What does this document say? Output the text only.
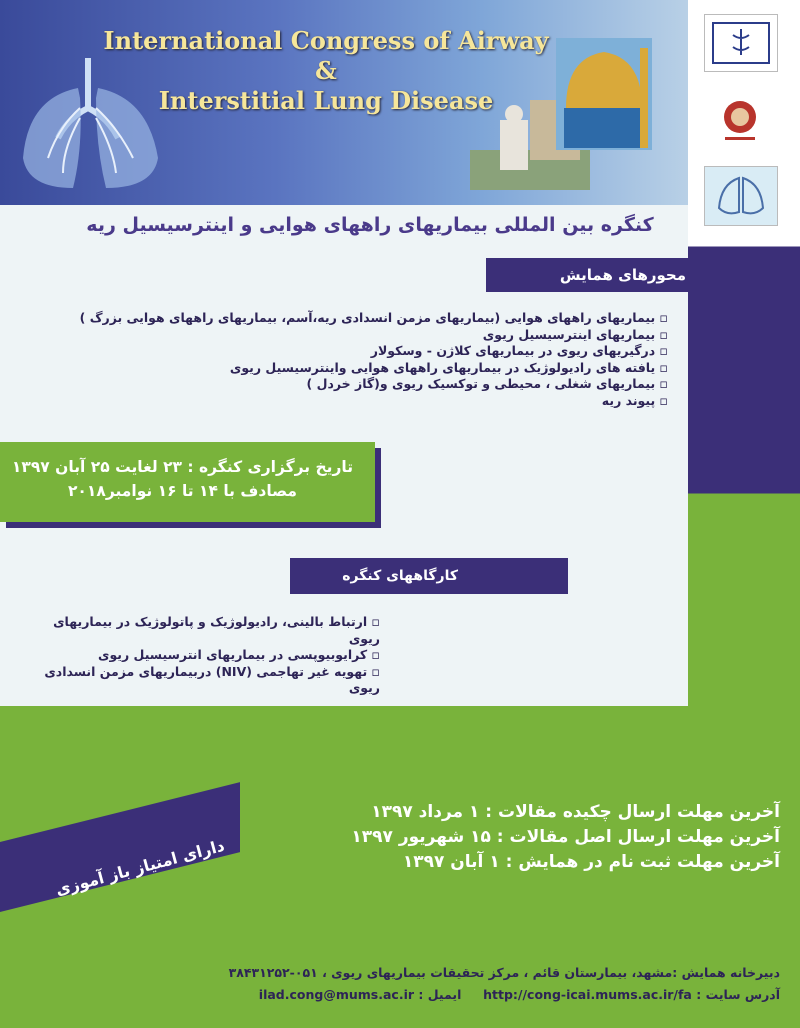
International Congress of Airway &
Interstitial Lung Disease
کنگره بین المللی بیماریهای راههای هوایی و اینترسیسیل ریه
محورهای همایش
▫ بیماریهای راههای هوایی (بیماریهای مزمن انسدادی ریه،آسم، بیماریهای راههای هوایی بزرگ )
▫ بیماریهای اینترسیسیل ریوی
▫ درگیریهای ریوی در بیماریهای کلاژن - وسکولار
▫ یافته های رادیولوژیک در بیماریهای راههای هوایی واینترسیسیل ریوی
▫ بیماریهای شغلی ، محیطی و توکسیک ریوی و(گاز خردل )
▫ پیوند ریه
تاریخ برگزاری کنگره : ۲۳ لغایت ۲۵ آبان ۱۳۹۷
مصادف با ۱۴ تا ۱۶ نوامبر۲۰۱۸
کارگاههای کنگره
▫ ارتباط بالینی، رادیولوژیک و پاتولوژیک در بیماریهای ریوی
▫ کرایوبیوپسی در بیماریهای انترسیسیل ریوی
▫ تهویه غیر تهاجمی (NIV) دربیماریهای مزمن انسدادی ریوی
آخرین مهلت ارسال چکیده مقالات : ۱ مرداد ۱۳۹۷
آخرین مهلت ارسال اصل مقالات : ۱۵ شهریور ۱۳۹۷
آخرین مهلت ثبت نام در همایش : ۱ آبان ۱۳۹۷
دارای امتیاز باز آموزی
دبیرخانه همایش :مشهد، بیمارستان قائم ، مرکز تحقیقات بیماریهای ریوی ، ۰۵۱-۳۸۴۳۱۲۵۲
آدرس سایت : http://cong-icai.mums.ac.ir/fa     ایمیل : ilad.cong@mums.ac.ir
